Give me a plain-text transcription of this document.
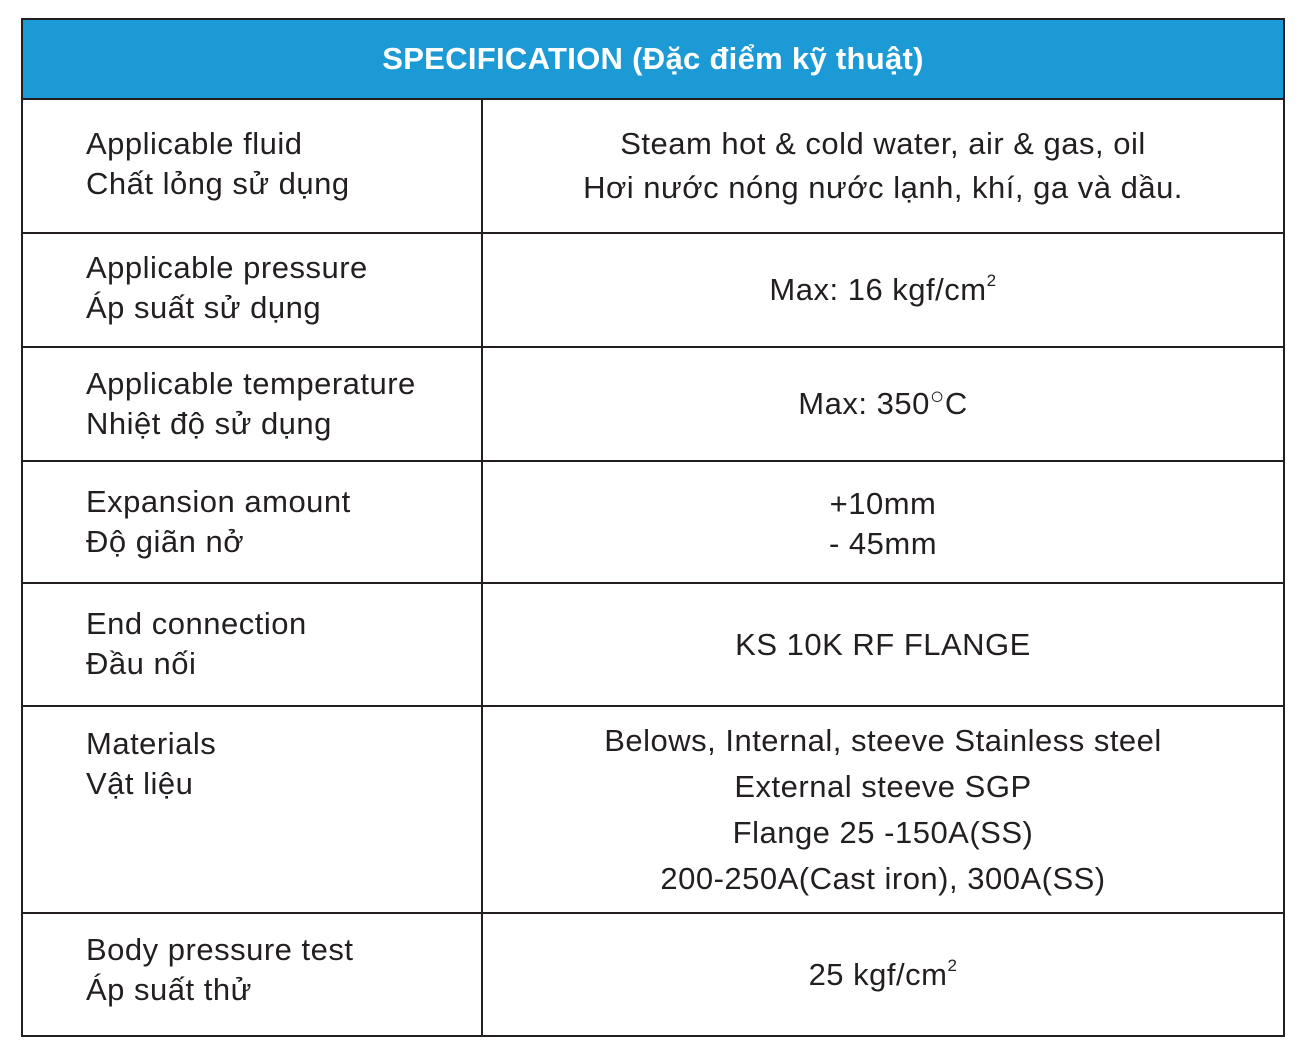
SPECIFICATION (Đặc điểm kỹ thuật)
Applicable fluid
Chất lỏng sử dụng
Steam hot & cold water, air & gas, oil
Hơi nước nóng nước lạnh, khí, ga và dầu.
Applicable pressure
Áp suất sử dụng
Max: 16 kgf/$cm^2$
Applicable temperature
Nhiệt độ sử dụng
Max: 350○C
Expansion amount
Độ giãn nở
+10mm
- 45mm
End connection
Đầu nối
KS 10K RF FLANGE
Materials
Vật liệu
Belows, Internal, steeve Stainless steel
External steeve SGP
Flange 25 -150A(SS)
200-250A(Cast iron), 300A(SS)
Body pressure test
Áp suất thử	25 kgf/$cm^2$
